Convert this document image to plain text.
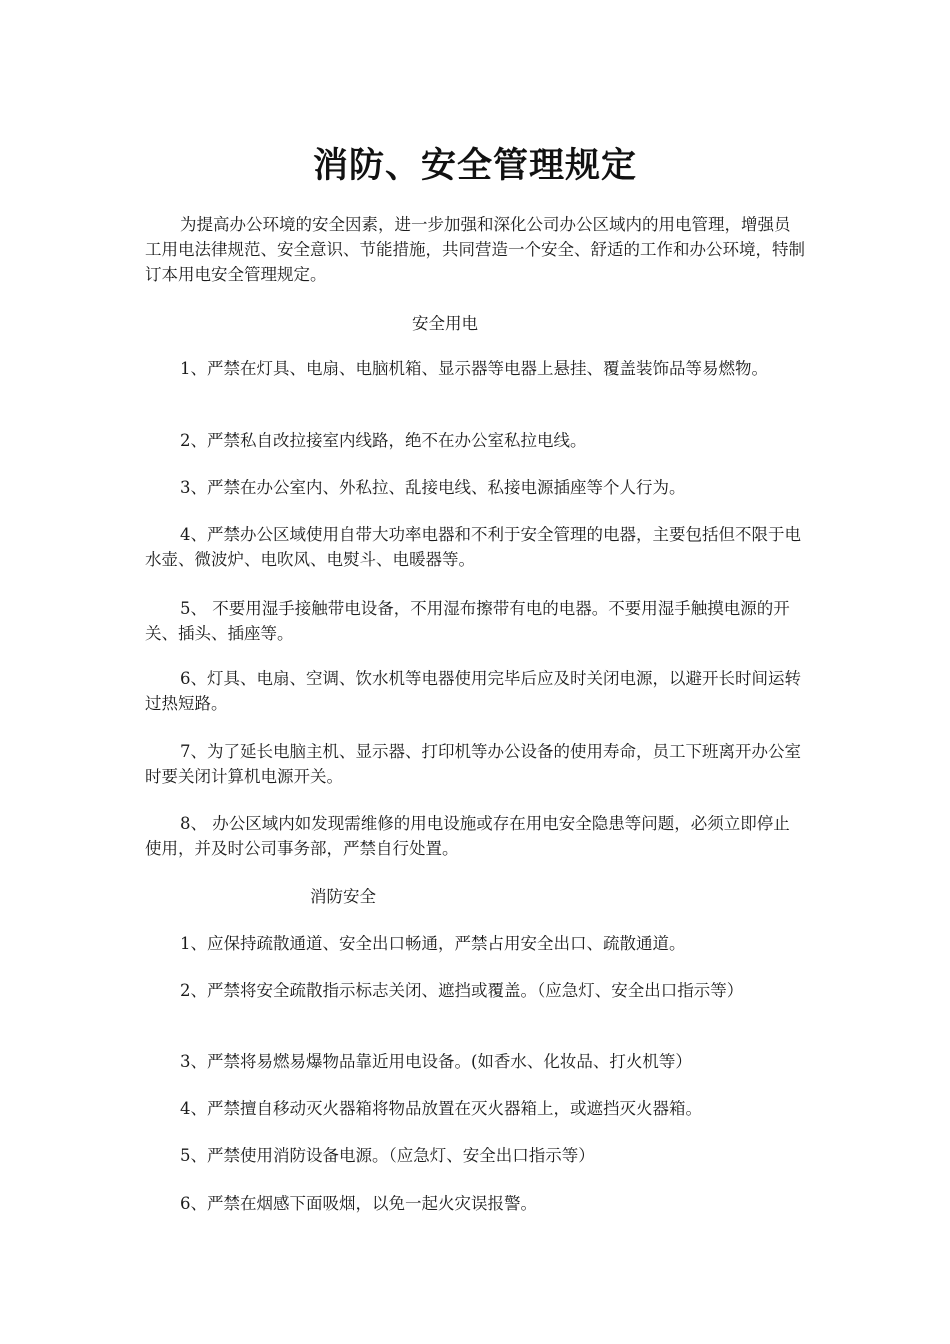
消防、安全管理规定

为提高办公环境的安全因素，进一步加强和深化公司办公区域内的用电管理，增强员工用电法律规范、安全意识、节能措施，共同营造一个安全、舒适的工作和办公环境，特制订本用电安全管理规定。

安全用电

1、严禁在灯具、电扇、电脑机箱、显示器等电器上悬挂、覆盖装饰品等易燃物。

2、严禁私自改拉接室内线路，绝不在办公室私拉电线。

3、严禁在办公室内、外私拉、乱接电线、私接电源插座等个人行为。

4、严禁办公区域使用自带大功率电器和不利于安全管理的电器，主要包括但不限于电水壶、微波炉、电吹风、电熨斗、电暖器等。

5、 不要用湿手接触带电设备，不用湿布擦带有电的电器。不要用湿手触摸电源的开关、插头、插座等。

6、灯具、电扇、空调、饮水机等电器使用完毕后应及时关闭电源，以避开长时间运转过热短路。

7、为了延长电脑主机、显示器、打印机等办公设备的使用寿命，员工下班离开办公室时要关闭计算机电源开关。

8、 办公区域内如发现需维修的用电设施或存在用电安全隐患等问题，必须立即停止使用，并及时公司事务部，严禁自行处置。

消防安全

1、应保持疏散通道、安全出口畅通，严禁占用安全出口、疏散通道。

2、严禁将安全疏散指示标志关闭、遮挡或覆盖。（应急灯、安全出口指示等）

3、严禁将易燃易爆物品靠近用电设备。(如香水、化妆品、打火机等）

4、严禁擅自移动灭火器箱将物品放置在灭火器箱上，或遮挡灭火器箱。

5、严禁使用消防设备电源。（应急灯、安全出口指示等）

6、严禁在烟感下面吸烟，以免一起火灾误报警。
